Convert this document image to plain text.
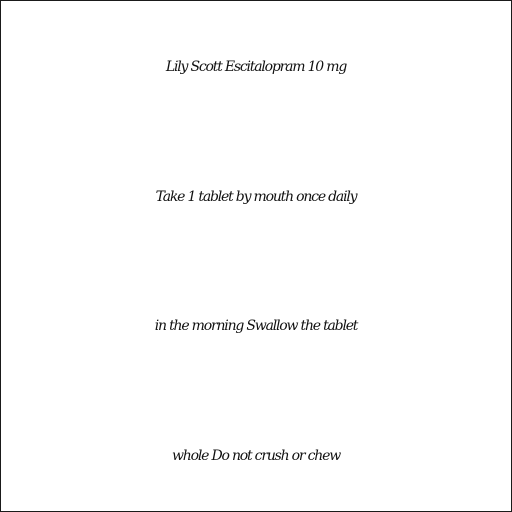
Lily Scott Escitalopram 10 mg
Take 1 tablet by mouth once daily
in the morning Swallow the tablet
whole Do not crush or chew
